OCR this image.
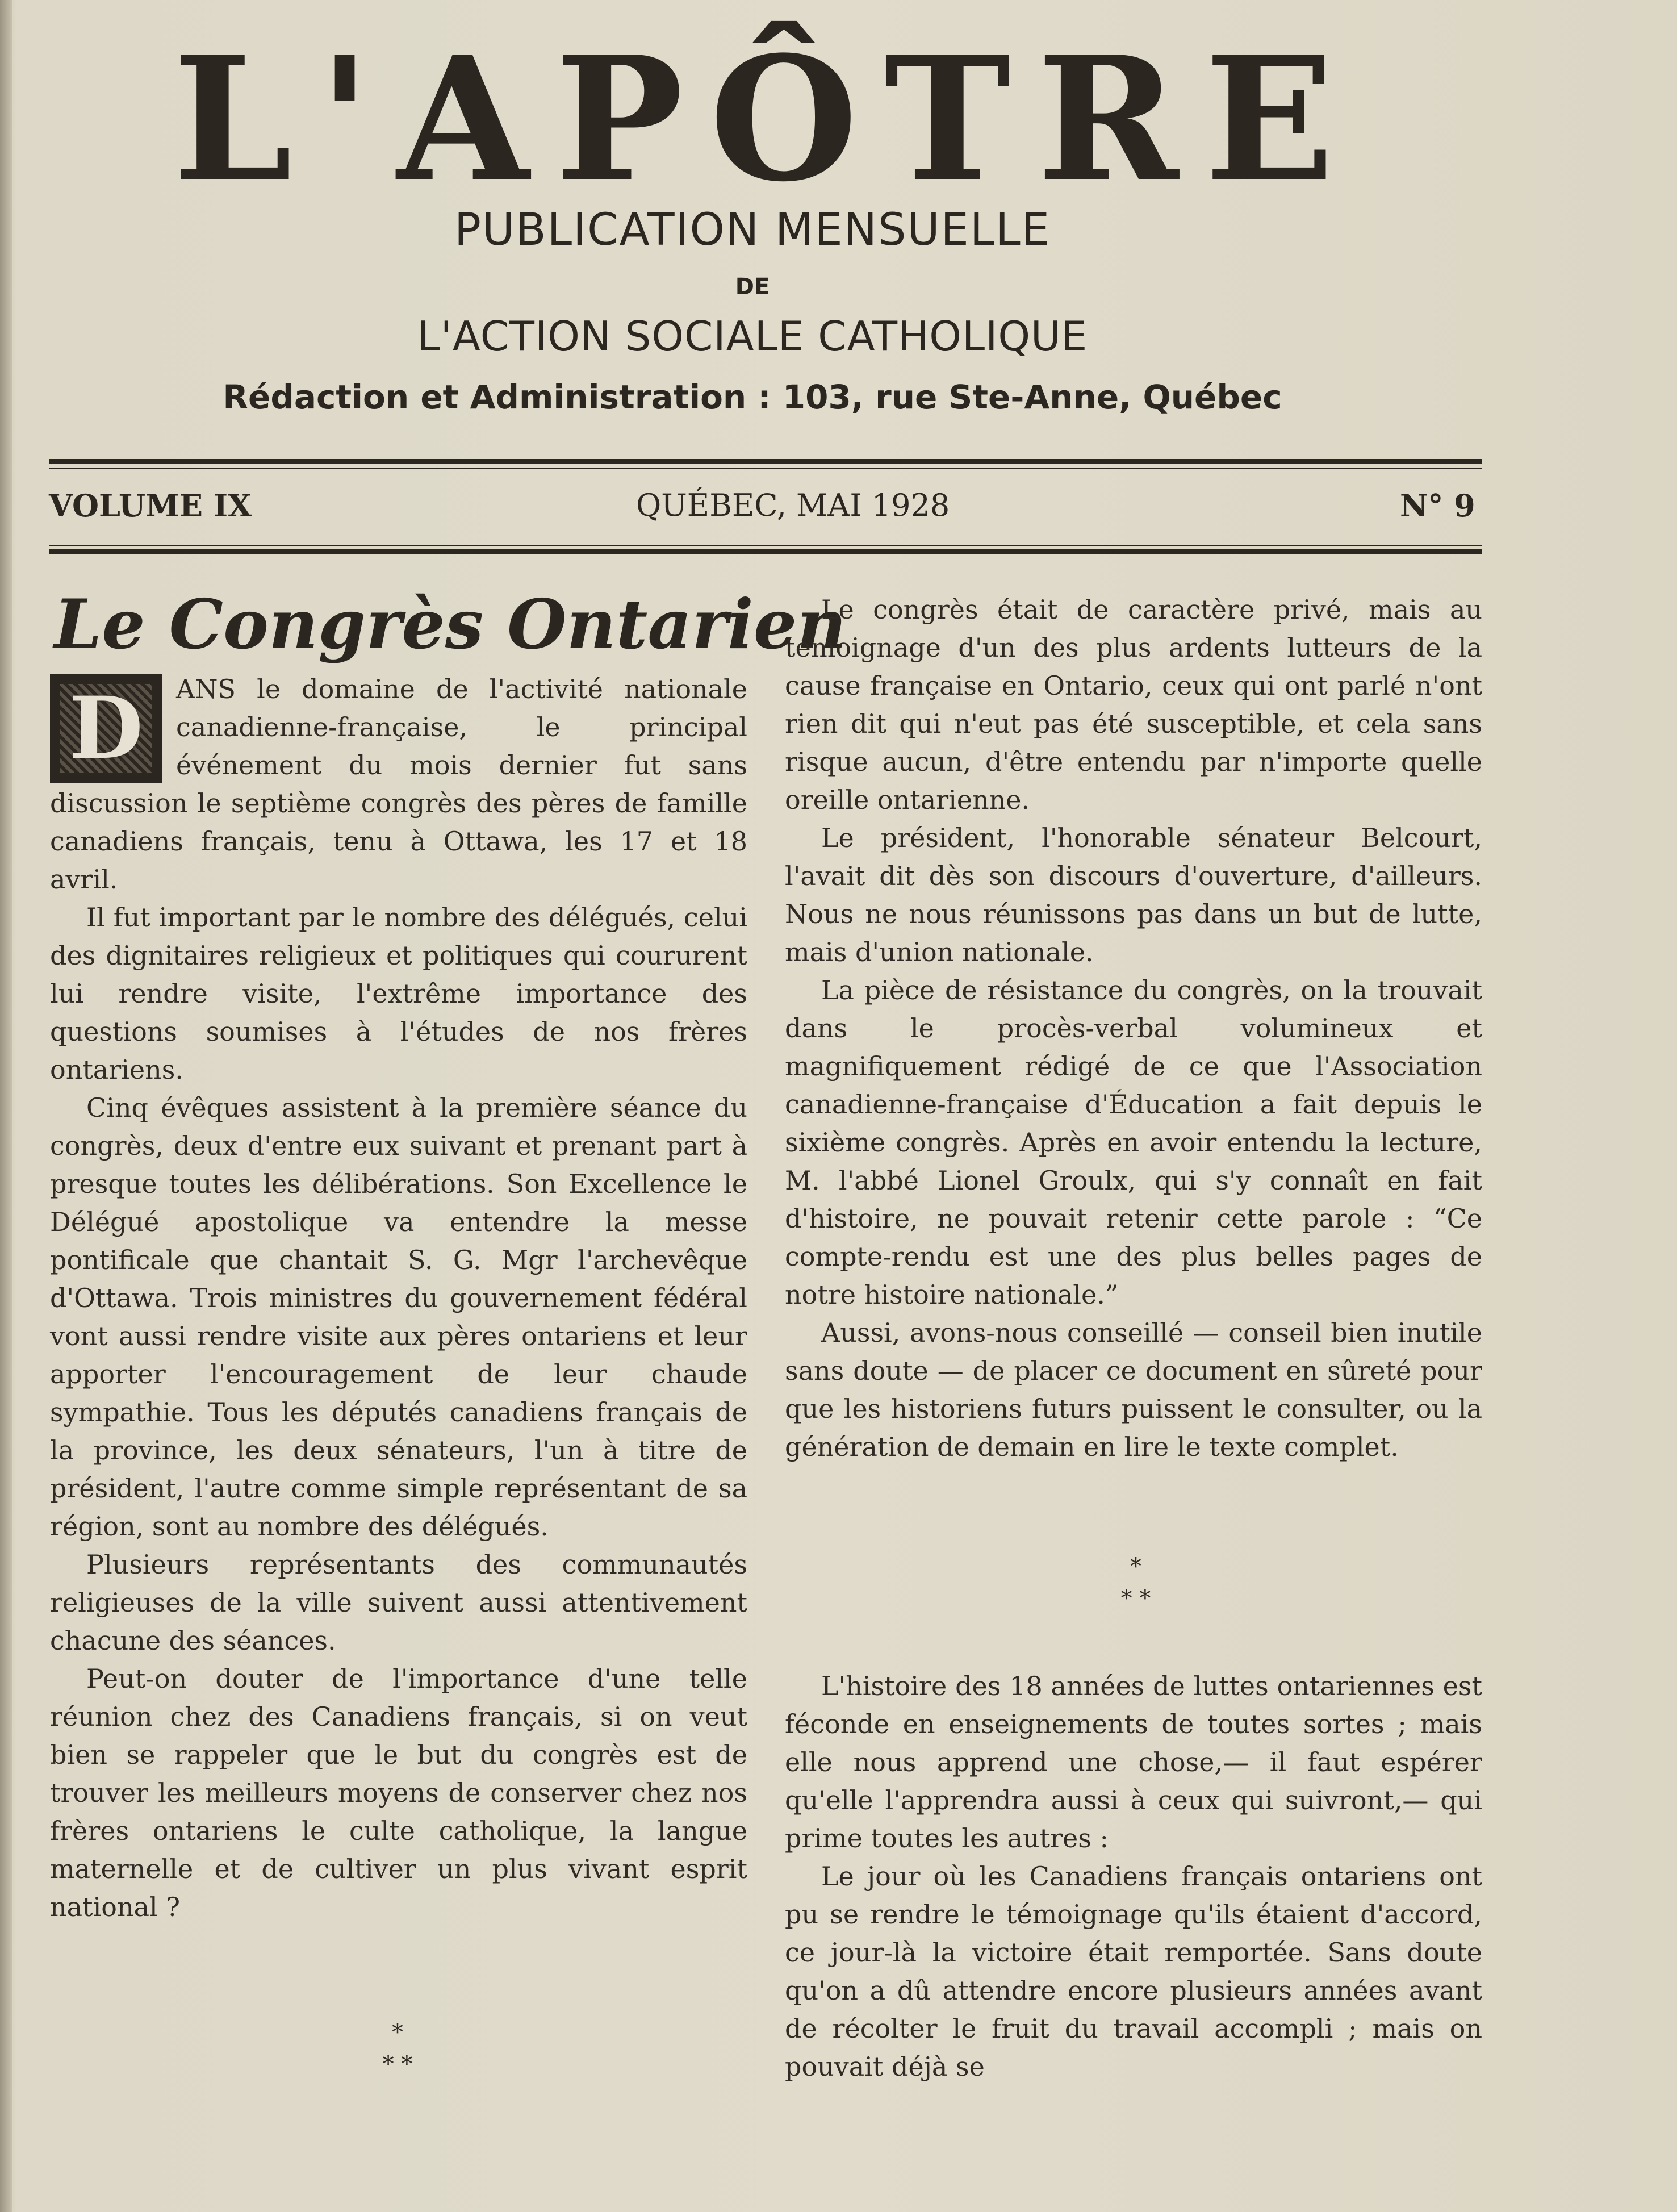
L'APÔTRE
PUBLICATION MENSUELLE
DE
L'ACTION SOCIALE CATHOLIQUE
Rédaction et Administration : 103, rue Ste-Anne, Québec
VOLUME IX	QUÉBEC, MAI 1928	N° 9
Le Congrès Ontarien

D	ANS le domaine de l'activité nationale canadienne-française, le principal événement du mois dernier fut sans discussion le septième congrès des pères de famille canadiens français, tenu à Ottawa, les 17 et 18 avril.

Il fut important par le nombre des délégués, celui des dignitaires religieux et politiques qui coururent lui rendre visite, l'extrême importance des questions soumises à l'études de nos frères ontariens.

Cinq évêques assistent à la première séance du congrès, deux d'entre eux suivant et prenant part à presque toutes les délibérations. Son Excellence le Délégué apostolique va entendre la messe pontificale que chantait S. G. Mgr l'archevêque d'Ottawa. Trois ministres du gouvernement fédéral vont aussi rendre visite aux pères ontariens et leur apporter l'encouragement de leur chaude sympathie. Tous les députés canadiens français de la province, les deux sénateurs, l'un à titre de président, l'autre comme simple représentant de sa région, sont au nombre des délégués.

Plusieurs représentants des communautés religieuses de la ville suivent aussi attentivement chacune des séances.

Peut-on douter de l'importance d'une telle réunion chez des Canadiens français, si on veut bien se rappeler que le but du congrès est de trouver les meilleurs moyens de conserver chez nos frères ontariens le culte catholique, la langue maternelle et de cultiver un plus vivant esprit national ?

*
* *

Le congrès était de caractère privé, mais au témoignage d'un des plus ardents lutteurs de la cause française en Ontario, ceux qui ont parlé n'ont rien dit qui n'eut pas été susceptible, et cela sans risque aucun, d'être entendu par n'importe quelle oreille ontarienne.

Le président, l'honorable sénateur Belcourt, l'avait dit dès son discours d'ouverture, d'ailleurs. Nous ne nous réunissons pas dans un but de lutte, mais d'union nationale.

La pièce de résistance du congrès, on la trouvait dans le procès-verbal volumineux et magnifiquement rédigé de ce que l'Association canadienne-française d'Éducation a fait depuis le sixième congrès. Après en avoir entendu la lecture, M. l'abbé Lionel Groulx, qui s'y connaît en fait d'histoire, ne pouvait retenir cette parole : “Ce compte-rendu est une des plus belles pages de notre histoire nationale.”

Aussi, avons-nous conseillé — conseil bien inutile sans doute — de placer ce document en sûreté pour que les historiens futurs puissent le consulter, ou la génération de demain en lire le texte complet.

*
* *

L'histoire des 18 années de luttes ontariennes est féconde en enseignements de toutes sortes ; mais elle nous apprend une chose,— il faut espérer qu'elle l'apprendra aussi à ceux qui suivront,— qui prime toutes les autres :

Le jour où les Canadiens français ontariens ont pu se rendre le témoignage qu'ils étaient d'accord, ce jour-là la victoire était remportée. Sans doute qu'on a dû attendre encore plusieurs années avant de récolter le fruit du travail accompli ; mais on pouvait déjà se
